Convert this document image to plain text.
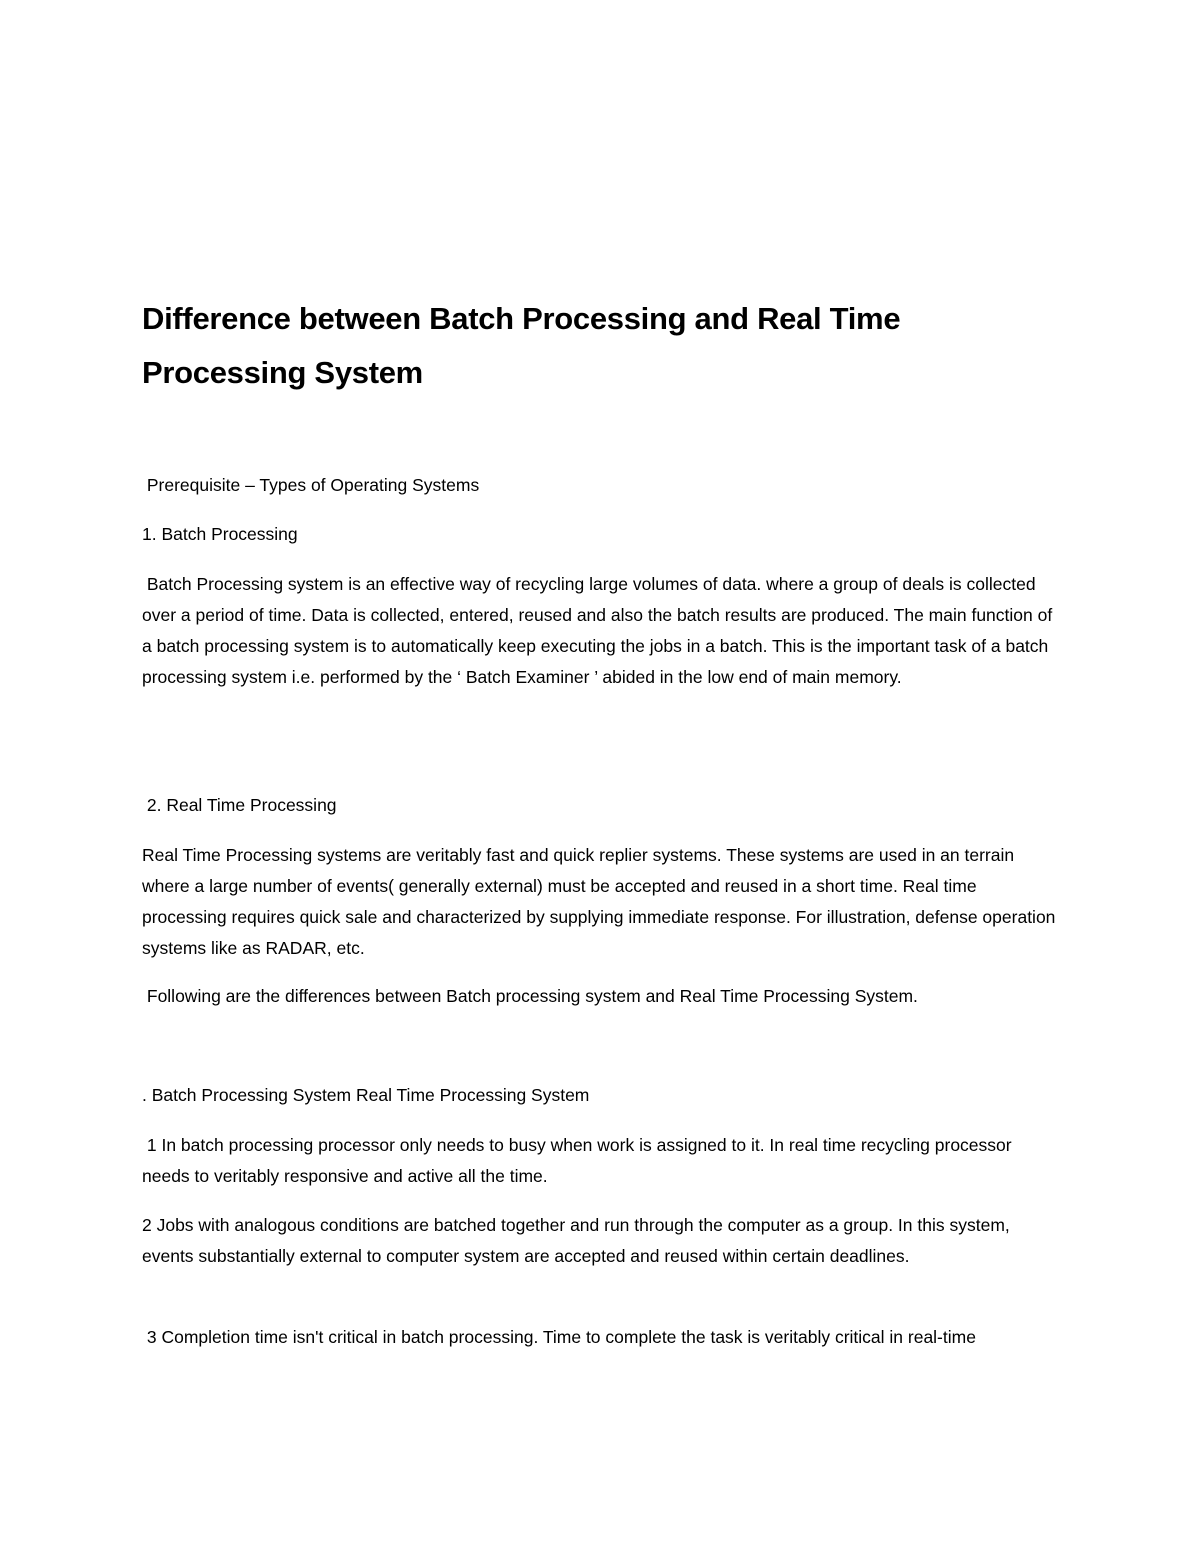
Difference between Batch Processing and Real Time Processing System

Prerequisite – Types of Operating Systems

1. Batch Processing

Batch Processing system is an effective way of recycling large volumes of data. where a group of deals is collected over a period of time. Data is collected, entered, reused and also the batch results are produced. The main function of a batch processing system is to automatically keep executing the jobs in a batch. This is the important task of a batch processing system i.e. performed by the ‘ Batch Examiner ’ abided in the low end of main memory.

2. Real Time Processing

Real Time Processing systems are veritably fast and quick replier systems. These systems are used in an terrain where a large number of events( generally external) must be accepted and reused in a short time. Real time processing requires quick sale and characterized by supplying immediate response. For illustration, defense operation systems like as RADAR, etc.

Following are the differences between Batch processing system and Real Time Processing System.

. Batch Processing System Real Time Processing System

1 In batch processing processor only needs to busy when work is assigned to it. In real time recycling processor needs to veritably responsive and active all the time.

2 Jobs with analogous conditions are batched together and run through the computer as a group. In this system, events substantially external to computer system are accepted and reused within certain deadlines.

3 Completion time isn't critical in batch processing. Time to complete the task is veritably critical in real-time
